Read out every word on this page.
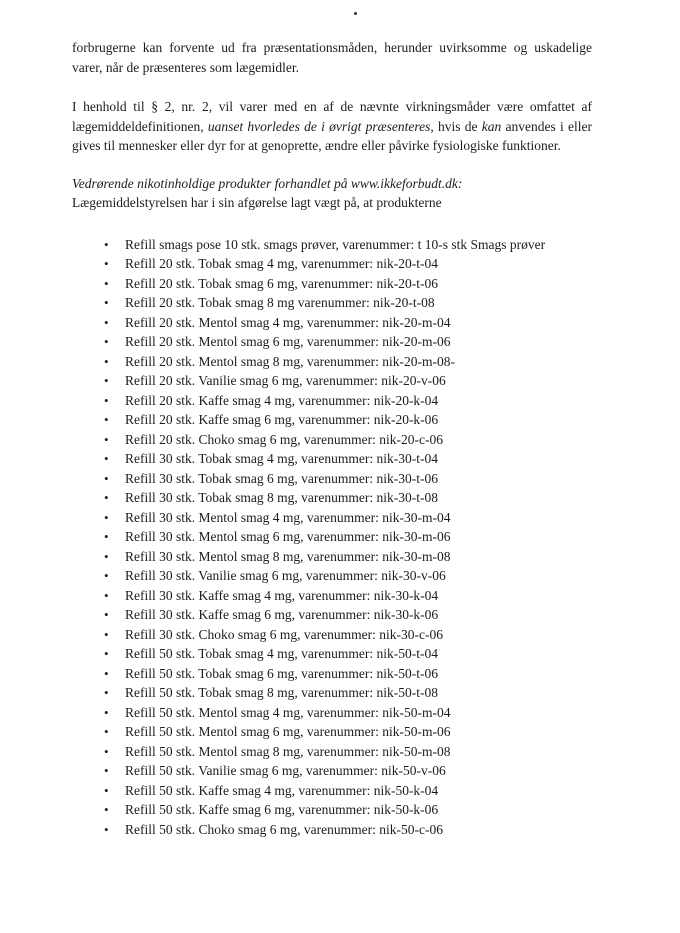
forbrugerne kan forvente ud fra præsentationsmåden, herunder uvirksomme og uskadelige varer, når de præsenteres som lægemidler.

I henhold til § 2, nr. 2, vil varer med en af de nævnte virkningsmåder være omfattet af lægemiddeldefinitionen, uanset hvorledes de i øvrigt præsenteres, hvis de kan anvendes i eller gives til mennesker eller dyr for at genoprette, ændre eller påvirke fysiologiske funktioner.

Vedrørende nikotinholdige produkter forhandlet på www.ikkeforbudt.dk:

Lægemiddelstyrelsen har i sin afgørelse lagt vægt på, at produkterne

• Refill smags pose 10 stk. smags prøver, varenummer: t 10-s stk Smags prøver
• Refill 20 stk. Tobak smag 4 mg, varenummer: nik-20-t-04
• Refill 20 stk. Tobak smag 6 mg, varenummer: nik-20-t-06
• Refill 20 stk. Tobak smag 8 mg varenummer: nik-20-t-08
• Refill 20 stk. Mentol smag 4 mg, varenummer: nik-20-m-04
• Refill 20 stk. Mentol smag 6 mg, varenummer: nik-20-m-06
• Refill 20 stk. Mentol smag 8 mg, varenummer: nik-20-m-08-
• Refill 20 stk. Vanilie smag 6 mg, varenummer: nik-20-v-06
• Refill 20 stk. Kaffe smag 4 mg, varenummer: nik-20-k-04
• Refill 20 stk. Kaffe smag 6 mg, varenummer: nik-20-k-06
• Refill 20 stk. Choko smag 6 mg, varenummer: nik-20-c-06
• Refill 30 stk. Tobak smag 4 mg, varenummer: nik-30-t-04
• Refill 30 stk. Tobak smag 6 mg, varenummer: nik-30-t-06
• Refill 30 stk. Tobak smag 8 mg, varenummer: nik-30-t-08
• Refill 30 stk. Mentol smag 4 mg, varenummer: nik-30-m-04
• Refill 30 stk. Mentol smag 6 mg, varenummer: nik-30-m-06
• Refill 30 stk. Mentol smag 8 mg, varenummer: nik-30-m-08
• Refill 30 stk. Vanilie smag 6 mg, varenummer: nik-30-v-06
• Refill 30 stk. Kaffe smag 4 mg, varenummer: nik-30-k-04
• Refill 30 stk. Kaffe smag 6 mg, varenummer: nik-30-k-06
• Refill 30 stk. Choko smag 6 mg, varenummer: nik-30-c-06
• Refill 50 stk. Tobak smag 4 mg, varenummer: nik-50-t-04
• Refill 50 stk. Tobak smag 6 mg, varenummer: nik-50-t-06
• Refill 50 stk. Tobak smag 8 mg, varenummer: nik-50-t-08
• Refill 50 stk. Mentol smag 4 mg, varenummer: nik-50-m-04
• Refill 50 stk. Mentol smag 6 mg, varenummer: nik-50-m-06
• Refill 50 stk. Mentol smag 8 mg, varenummer: nik-50-m-08
• Refill 50 stk. Vanilie smag 6 mg, varenummer: nik-50-v-06
• Refill 50 stk. Kaffe smag 4 mg, varenummer: nik-50-k-04
• Refill 50 stk. Kaffe smag 6 mg, varenummer: nik-50-k-06
• Refill 50 stk. Choko smag 6 mg, varenummer: nik-50-c-06
